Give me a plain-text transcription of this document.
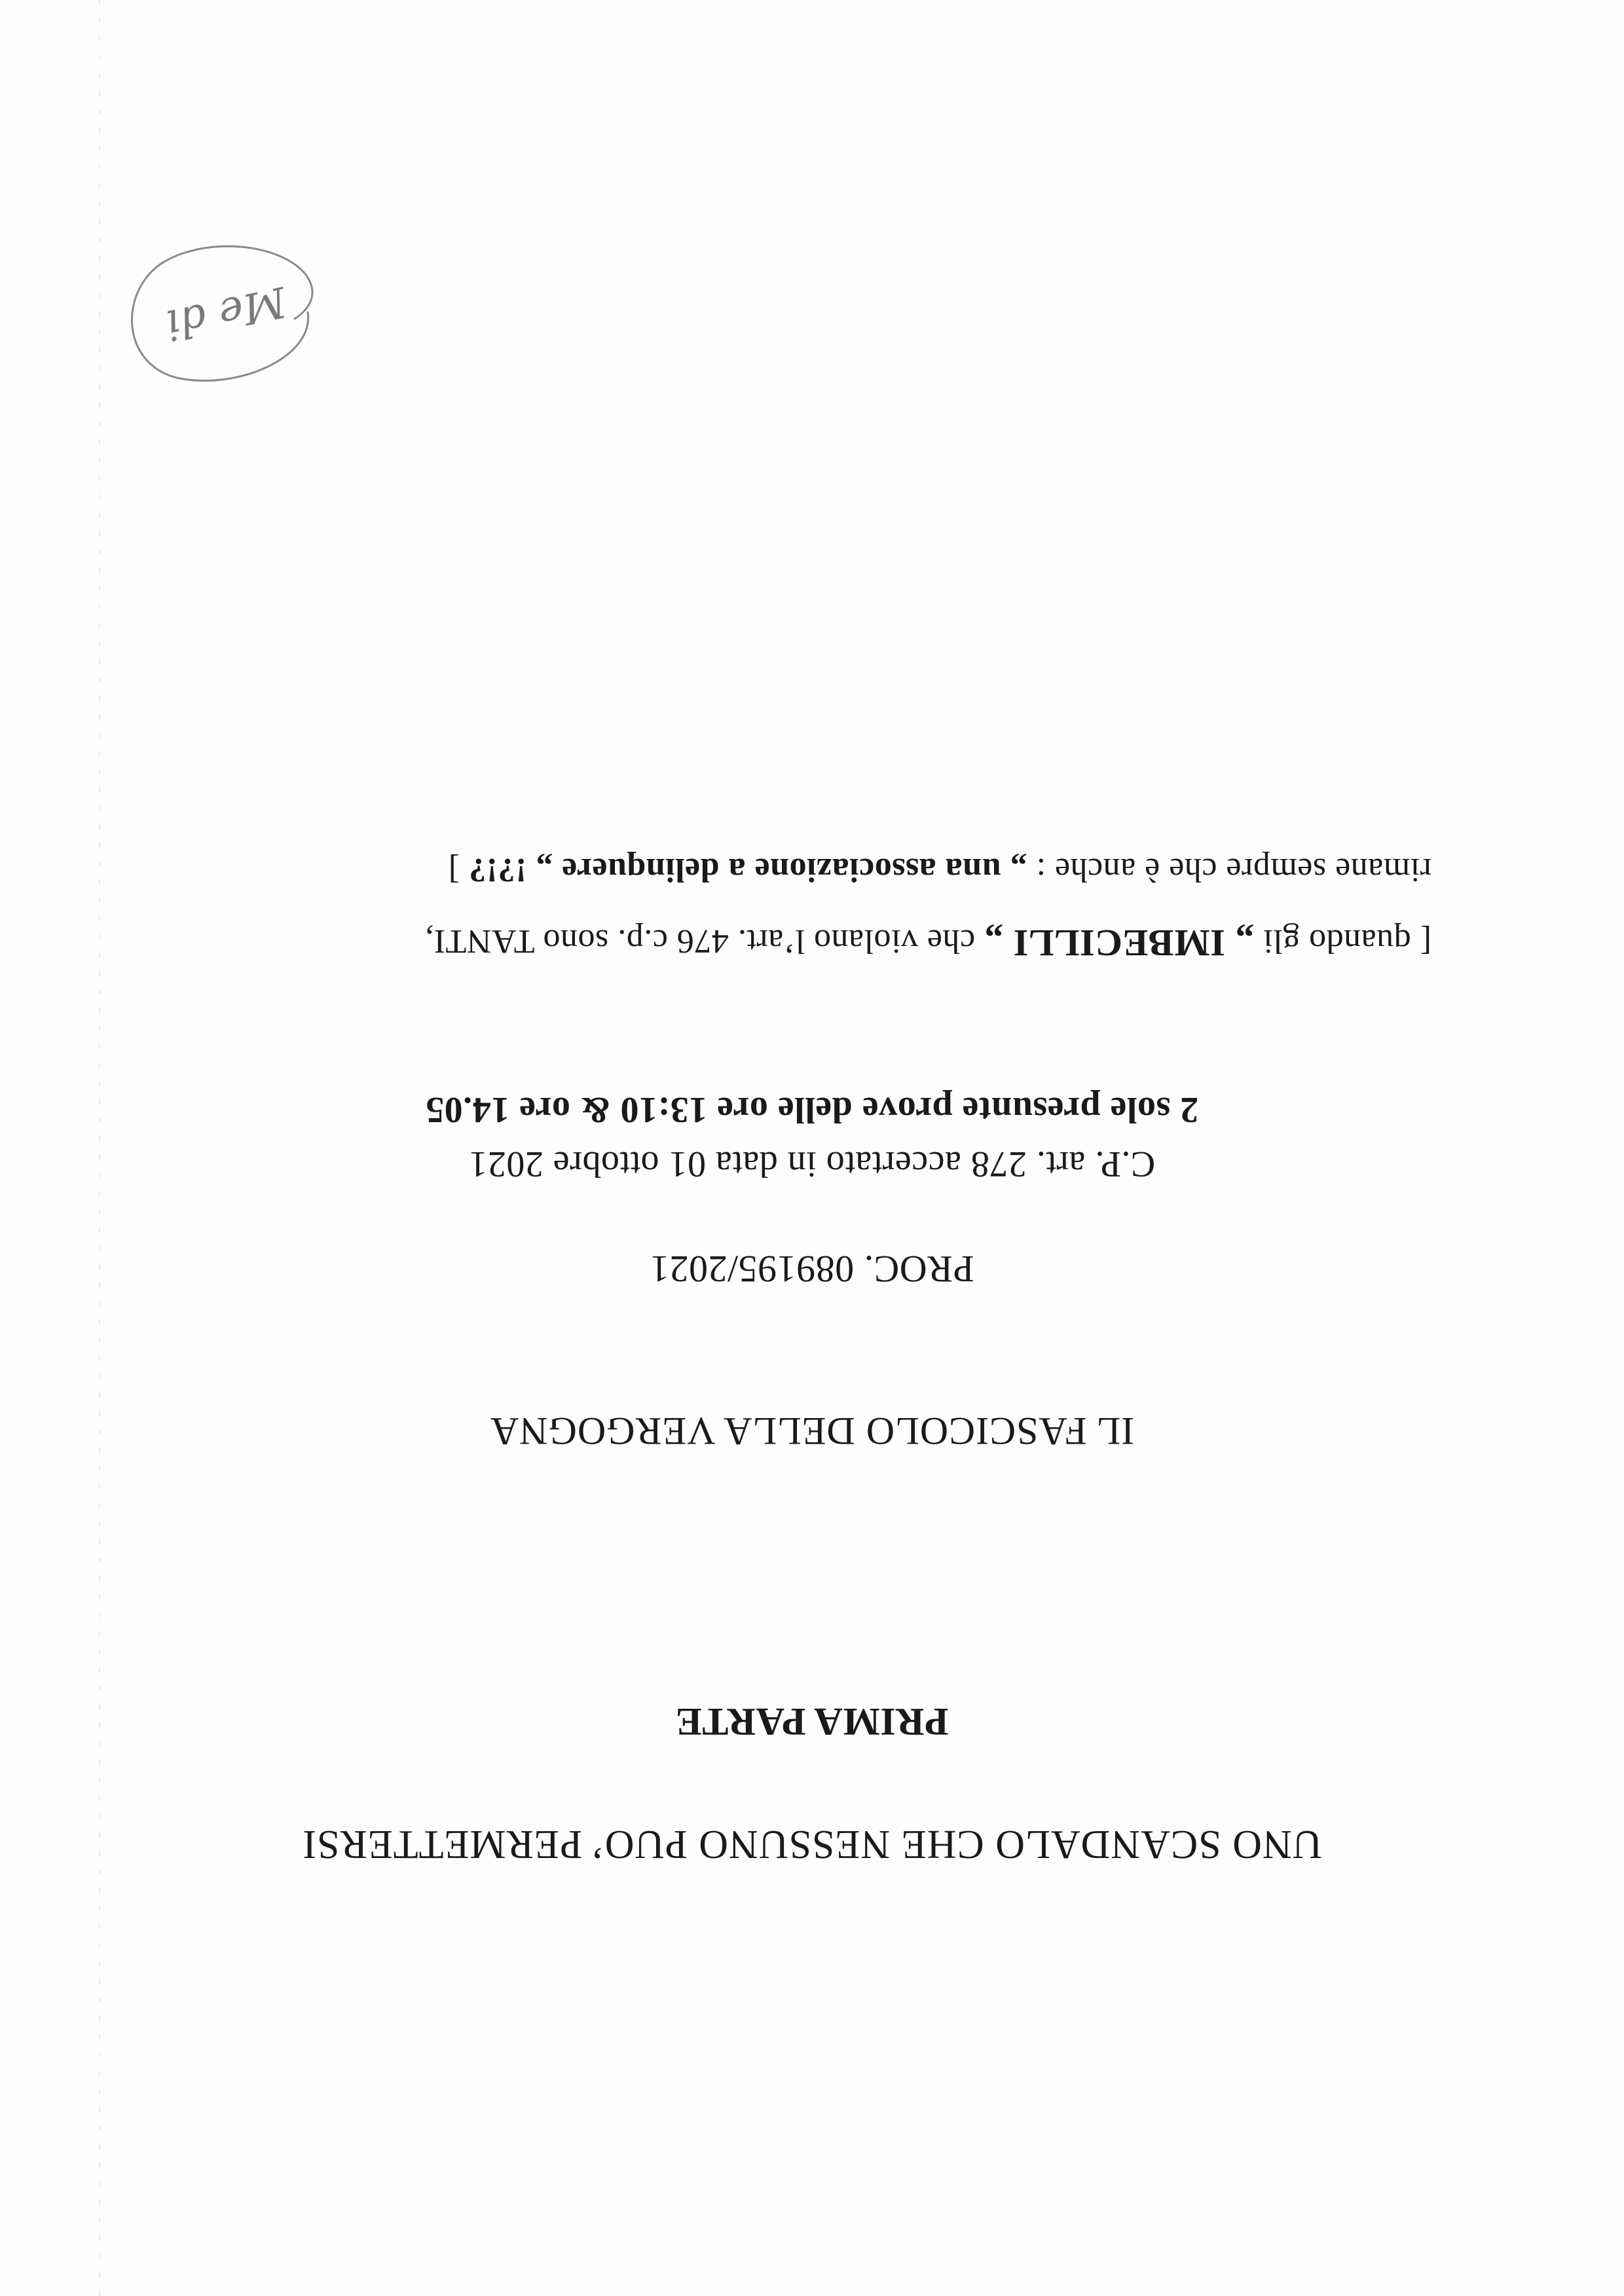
UNO SCANDALO CHE NESSUNO PUO’ PERMETTERSI
PRIMA PARTE
IL FASCICOLO DELLA VERGOGNA
PROC. 089195/2021
C.P. art. 278 accertato in data 01 ottobre 2021
2 sole presunte prove delle ore 13:10 & ore 14.05
[ quando gli „ IMBECILLI „ che violano l’art. 476 c.p. sono TANTI,
rimane sempre che è anche : „ una associazione a delinquere „ !?!? ]
Me di
